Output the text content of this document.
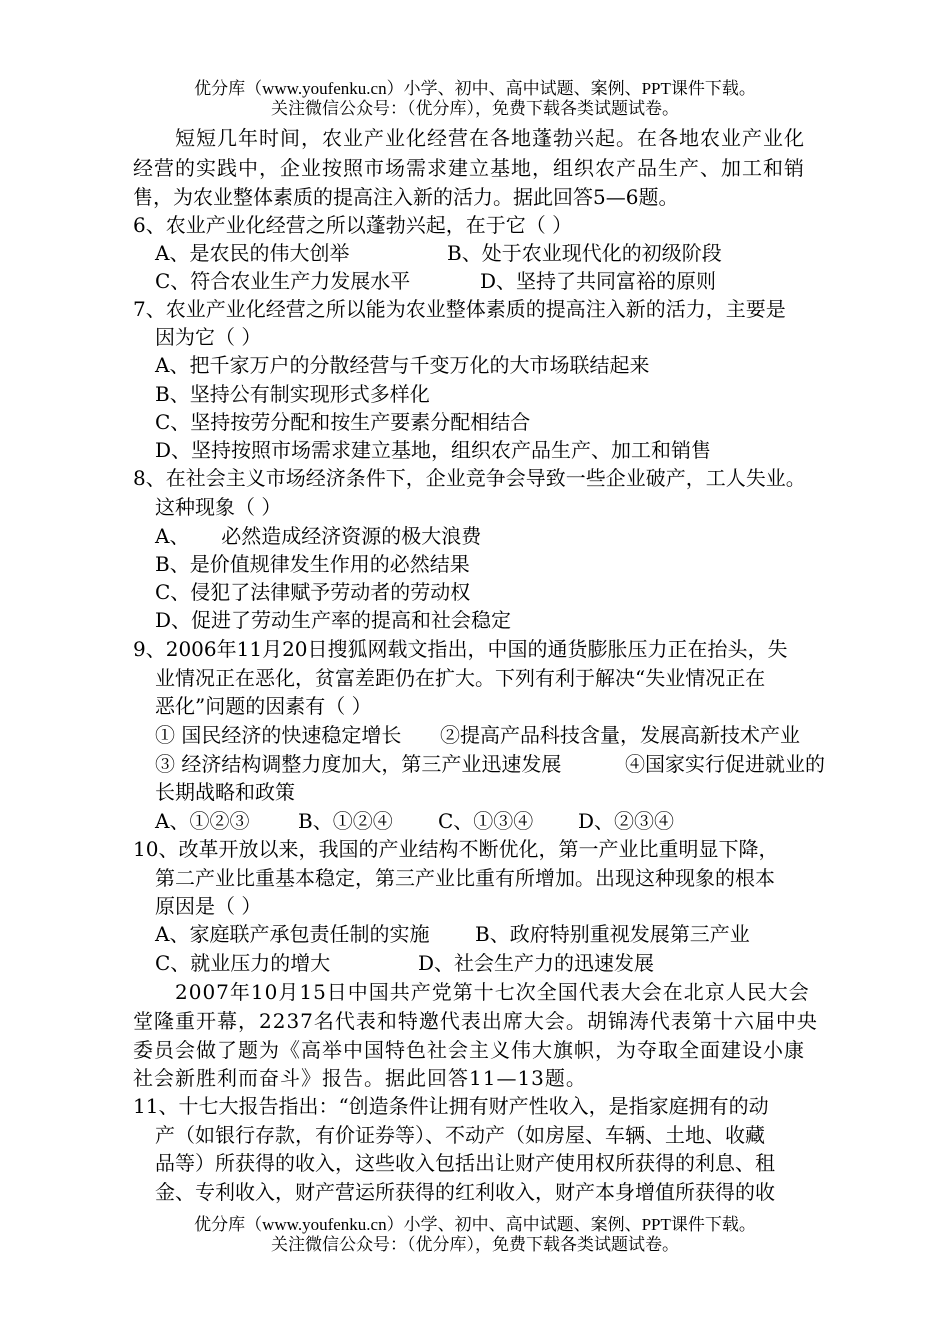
优分库（www.youfenku.cn）小学、初中、高中试题、案例、PPT课件下载。
关注微信公众号：（优分库），免费下载各类试题试卷。
短短几年时间，农业产业化经营在各地蓬勃兴起。在各地农业产业化
经营的实践中，企业按照市场需求建立基地，组织农产品生产、加工和销
售，为农业整体素质的提高注入新的活力。据此回答5—6题。
6、农业产业化经营之所以蓬勃兴起，在于它（ ）
A、是农民的伟大创举	B、处于农业现代化的初级阶段
C、符合农业生产力发展水平	D、坚持了共同富裕的原则
7、农业产业化经营之所以能为农业整体素质的提高注入新的活力，主要是
因为它（ ）
A、把千家万户的分散经营与千变万化的大市场联结起来
B、坚持公有制实现形式多样化
C、坚持按劳分配和按生产要素分配相结合
D、坚持按照市场需求建立基地，组织农产品生产、加工和销售
8、在社会主义市场经济条件下，企业竞争会导致一些企业破产，工人失业。
这种现象（ ）
A、     必然造成经济资源的极大浪费
B、是价值规律发生作用的必然结果
C、侵犯了法律赋予劳动者的劳动权
D、促进了劳动生产率的提高和社会稳定
9、2006年11月20日搜狐网载文指出，中国的通货膨胀压力正在抬头，失
业情况正在恶化，贫富差距仍在扩大。下列有利于解决“失业情况正在
恶化”问题的因素有（ ）
① 国民经济的快速稳定增长 ②提高产品科技含量，发展高新技术产业
③ 经济结构调整力度加大，第三产业迅速发展	④国家实行促进就业的
长期战略和政策
A、①②③ B、①②④ C、①③④ D、②③④
10、改革开放以来，我国的产业结构不断优化，第一产业比重明显下降，
第二产业比重基本稳定，第三产业比重有所增加。出现这种现象的根本
原因是（ ）
A、家庭联产承包责任制的实施 B、政府特别重视发展第三产业
C、就业压力的增大	D、社会生产力的迅速发展
2007年10月15日中国共产党第十七次全国代表大会在北京人民大会
堂隆重开幕，2237名代表和特邀代表出席大会。胡锦涛代表第十六届中央
委员会做了题为《高举中国特色社会主义伟大旗帜，为夺取全面建设小康
社会新胜利而奋斗》报告。据此回答11—13题。
11、十七大报告指出：“创造条件让拥有财产性收入，是指家庭拥有的动
产（如银行存款，有价证券等）、不动产（如房屋、车辆、土地、收藏
品等）所获得的收入，这些收入包括出让财产使用权所获得的利息、租
金、专利收入，财产营运所获得的红利收入，财产本身增值所获得的收
优分库（www.youfenku.cn）小学、初中、高中试题、案例、PPT课件下载。
关注微信公众号：（优分库），免费下载各类试题试卷。
